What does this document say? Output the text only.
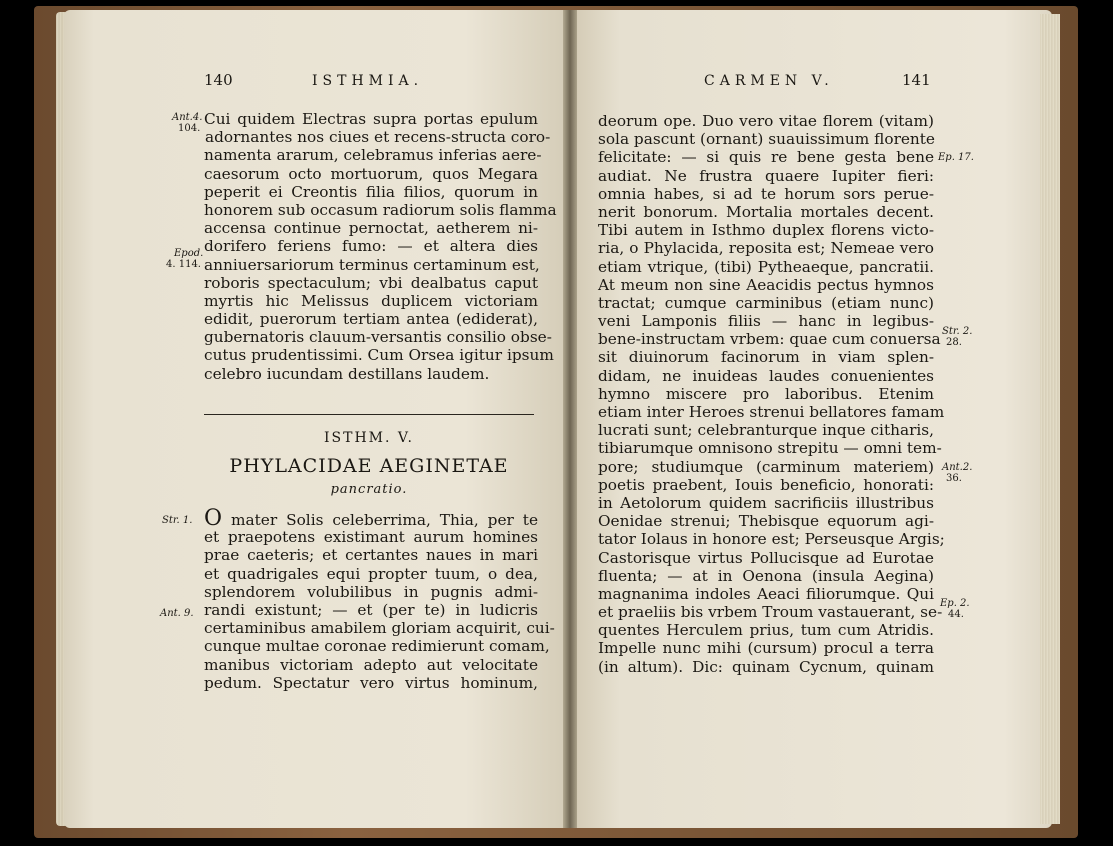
140	ISTHMIA.
Ant.4.
104.
Epod.
4. 114.
Str. 1.
Ant. 9.
Cui quidem Electras supra portas epulum
adornantes nos ciues et recens-structa coro-
namenta ararum, celebramus inferias aere-
caesorum octo mortuorum, quos Megara
peperit ei Creontis filia filios, quorum in
honorem sub occasum radiorum solis flamma
accensa continue pernoctat, aetherem ni-
dorifero feriens fumo: — et altera dies
anniuersariorum terminus certaminum est,
roboris spectaculum; vbi dealbatus caput
myrtis hic Melissus duplicem victoriam
edidit, puerorum tertiam antea (ediderat),
gubernatoris clauum-versantis consilio obse-
cutus prudentissimi. Cum Orsea igitur ipsum
celebro iucundam destillans laudem.
ISTHM. V.
PHYLACIDAE AEGINETAE
pancratio.
O mater Solis celeberrima, Thia, per te
et praepotens existimant aurum homines
prae caeteris; et certantes naues in mari
et quadrigales equi propter tuum, o dea,
splendorem volubilibus in pugnis admi-
randi existunt; — et (per te) in ludicris
certaminibus amabilem gloriam acquirit, cui-
cunque multae coronae redimierunt comam,
manibus victoriam adepto aut velocitate
pedum. Spectatur vero virtus hominum,
CARMEN V.	141
deorum ope. Duo vero vitae florem (vitam)
sola pascunt (ornant) suauissimum florente
felicitate: — si quis re bene gesta bene
audiat. Ne frustra quaere Iupiter fieri:
omnia habes, si ad te horum sors perue-
nerit bonorum. Mortalia mortales decent.
Tibi autem in Isthmo duplex florens victo-
ria, o Phylacida, reposita est; Nemeae vero
etiam vtrique, (tibi) Pytheaeque, pancratii.
At meum non sine Aeacidis pectus hymnos
tractat; cumque carminibus (etiam nunc)
veni Lamponis filiis — hanc in legibus-
bene-instructam vrbem: quae cum conuersa
sit diuinorum facinorum in viam splen-
didam, ne inuideas laudes conuenientes
hymno miscere pro laboribus. Etenim
etiam inter Heroes strenui bellatores famam
lucrati sunt; celebranturque inque citharis,
tibiarumque omnisono strepitu — omni tem-
pore; studiumque (carminum materiem)
poetis praebent, Iouis beneficio, honorati:
in Aetolorum quidem sacrificiis illustribus
Oenidae strenui; Thebisque equorum agi-
tator Iolaus in honore est; Perseusque Argis;
Castorisque virtus Pollucisque ad Eurotae
fluenta; — at in Oenona (insula Aegina)
magnanima indoles Aeaci filiorumque. Qui
et praeliis bis vrbem Troum vastauerant, se-
quentes Herculem prius, tum cum Atridis.
Impelle nunc mihi (cursum) procul a terra
(in altum). Dic: quinam Cycnum, quinam
Ep. 17.
Str. 2.
28.
Ant.2.
36.
Ep. 2.
44.
